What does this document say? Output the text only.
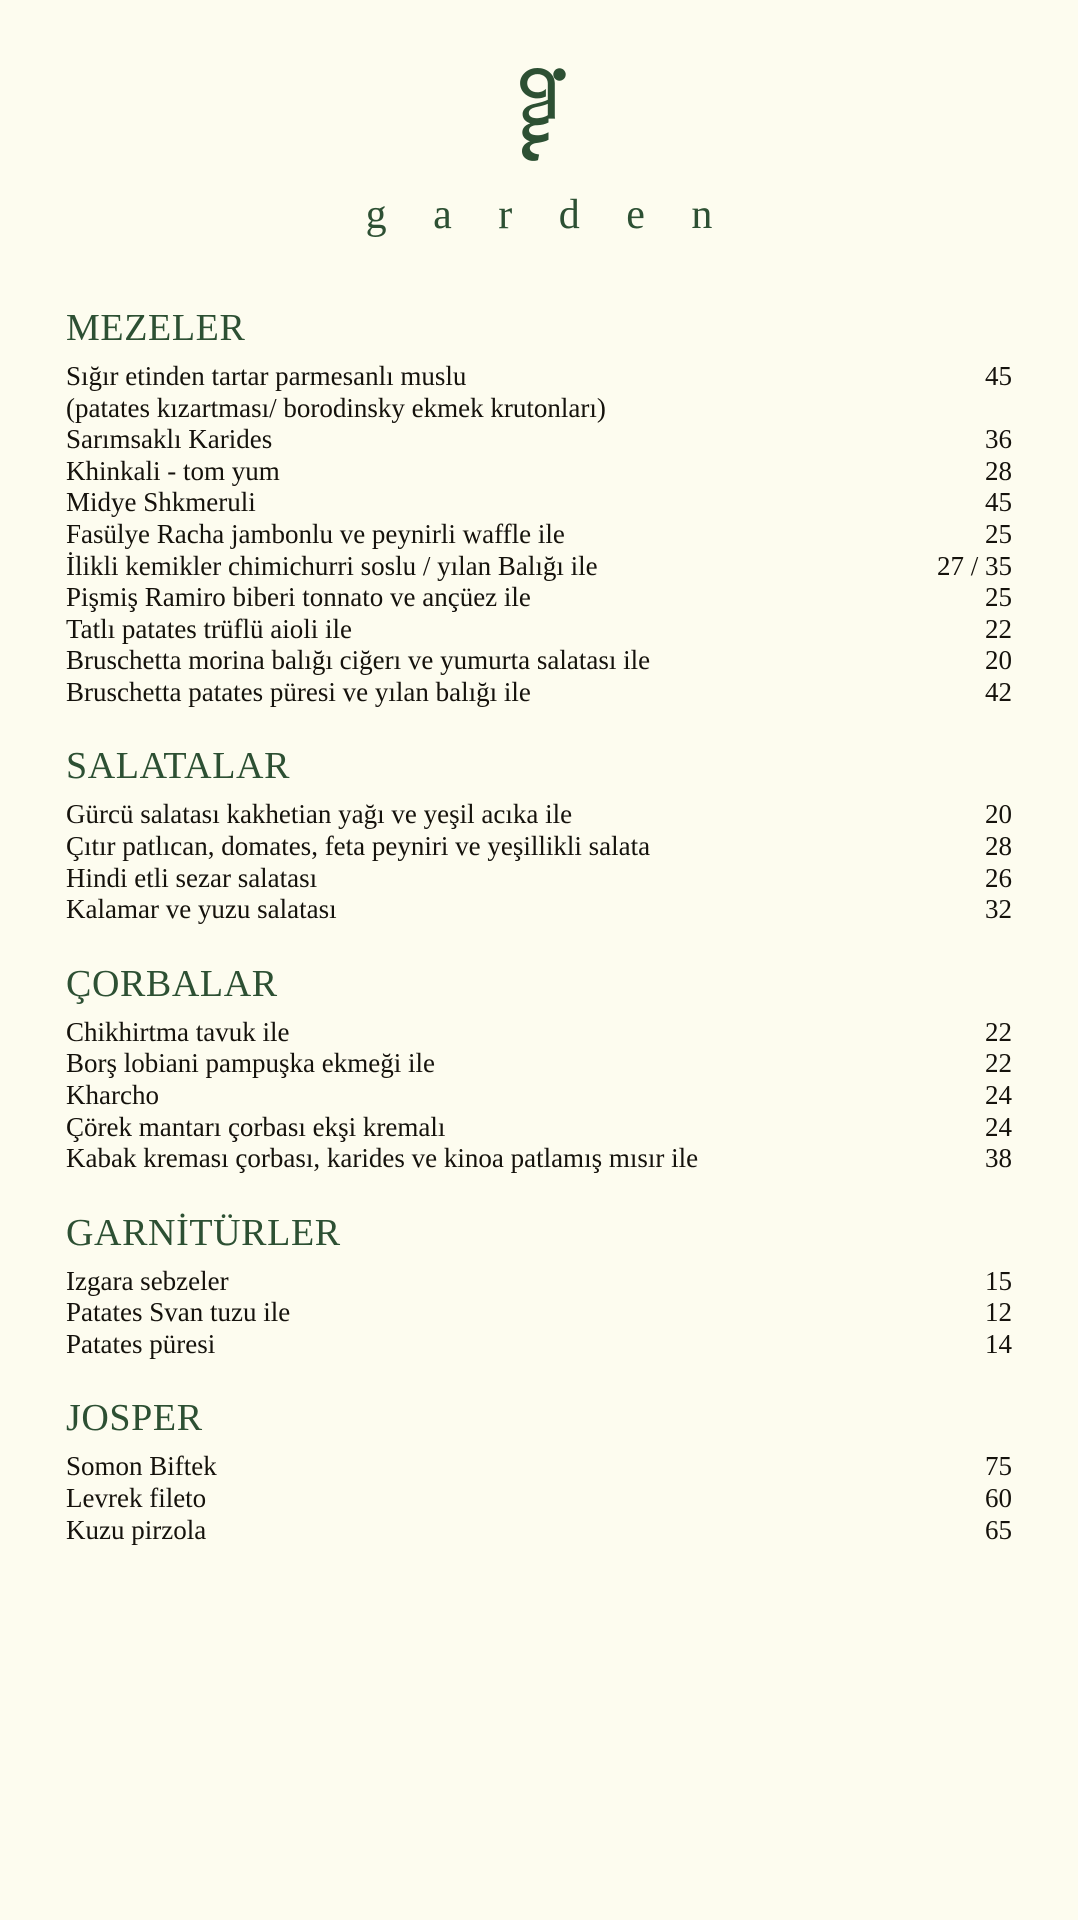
g a r d e n
MEZELER
Sığır etinden tartar parmesanlı muslu
(patates kızartması/ borodinsky ekmek krutonları)
45
Sarımsaklı Karides	36
Khinkali - tom yum	28
Midye Shkmeruli	45
Fasülye Racha jambonlu ve peynirli waffle ile	25
İlikli kemikler chimichurri soslu / yılan Balığı ile	27 / 35
Pişmiş Ramiro biberi tonnato ve ançüez ile	25
Tatlı patates trüflü aioli ile	22
Bruschetta morina balığı ciğerı ve yumurta salatası ile	20
Bruschetta patates püresi ve yılan balığı ile	42
SALATALAR
Gürcü salatası kakhetian yağı ve yeşil acıka ile	20
Çıtır patlıcan, domates, feta peyniri ve yeşillikli salata	28
Hindi etli sezar salatası	26
Kalamar ve yuzu salatası	32
ÇORBALAR
Chikhirtma tavuk ile	22
Borş lobiani pampuşka ekmeği ile	22
Kharcho	24
Çörek mantarı çorbası ekşi kremalı	24
Kabak kreması çorbası, karides ve kinoa patlamış mısır ile	38
GARNİTÜRLER
Izgara sebzeler	15
Patates Svan tuzu ile	12
Patates püresi	14
JOSPER
Somon Biftek	75
Levrek fileto	60
Kuzu pirzola	65
